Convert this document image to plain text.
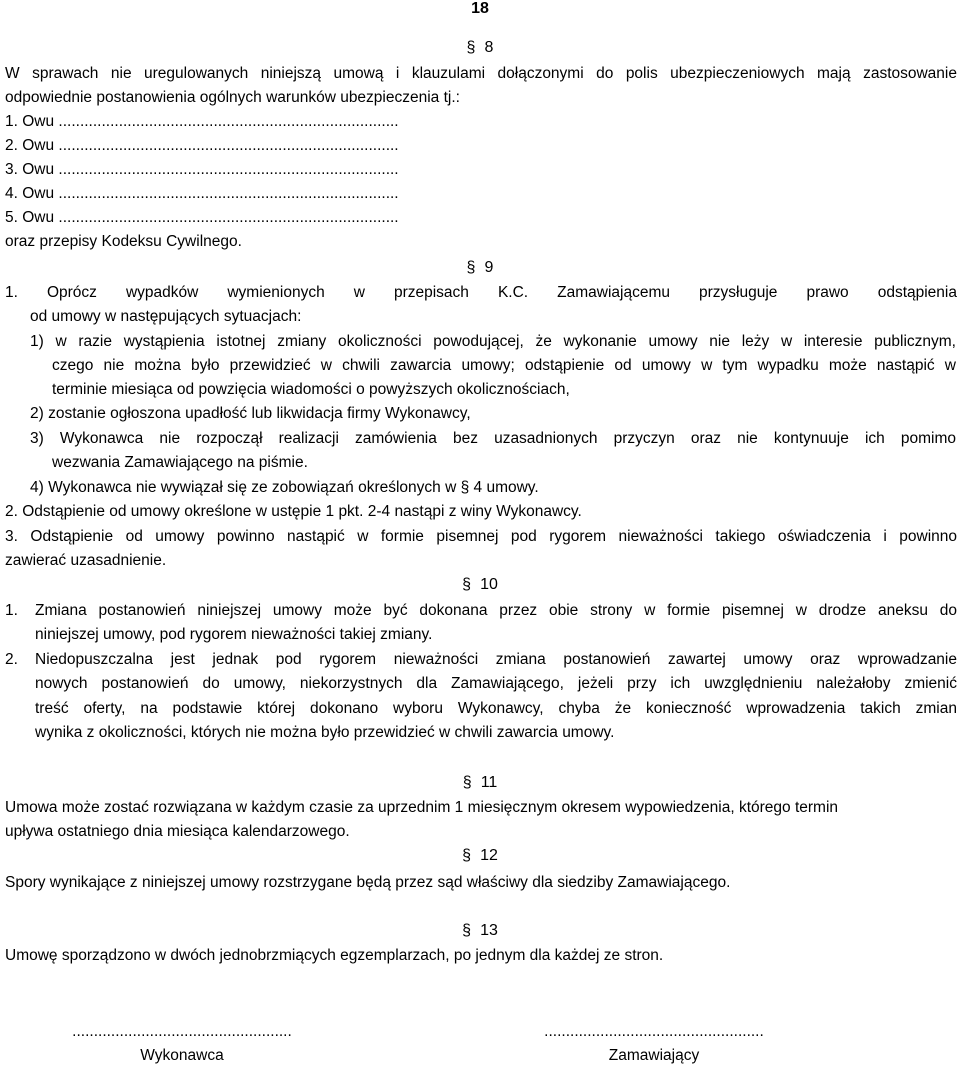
18
§ 8
W sprawach nie uregulowanych niniejszą umową i klauzulami dołączonymi do polis ubezpieczeniowych mają zastosowanie
odpowiednie postanowienia ogólnych warunków ubezpieczenia tj.:
1. Owu ...............................................................................
2. Owu ...............................................................................
3. Owu ...............................................................................
4. Owu ...............................................................................
5. Owu ...............................................................................
oraz przepisy Kodeksu Cywilnego.
§ 9
1. Oprócz wypadków wymienionych w przepisach K.C. Zamawiającemu przysługuje prawo odstąpienia
od umowy w następujących sytuacjach:
1) w razie wystąpienia istotnej zmiany okoliczności powodującej, że wykonanie umowy nie leży w interesie publicznym,
czego nie można było przewidzieć w chwili zawarcia umowy; odstąpienie od umowy w tym wypadku może nastąpić w
terminie miesiąca od powzięcia wiadomości o powyższych okolicznościach,
2) zostanie ogłoszona upadłość lub likwidacja firmy Wykonawcy,
3) Wykonawca nie rozpoczął realizacji zamówienia bez uzasadnionych przyczyn oraz nie kontynuuje ich pomimo
wezwania Zamawiającego na piśmie.
4) Wykonawca nie wywiązał się ze zobowiązań określonych w § 4 umowy.
2. Odstąpienie od umowy określone w ustępie 1 pkt. 2-4 nastąpi z winy Wykonawcy.
3. Odstąpienie od umowy powinno nastąpić w formie pisemnej pod rygorem nieważności takiego oświadczenia i powinno
zawierać uzasadnienie.
§ 10
1.	Zmiana postanowień niniejszej umowy może być dokonana przez obie strony w formie pisemnej w drodze aneksu do
niniejszej umowy, pod rygorem nieważności takiej zmiany.
2.	Niedopuszczalna jest jednak pod rygorem nieważności zmiana postanowień zawartej umowy oraz wprowadzanie
nowych postanowień do umowy, niekorzystnych dla Zamawiającego, jeżeli przy ich uwzględnieniu należałoby zmienić
treść oferty, na podstawie której dokonano wyboru Wykonawcy, chyba że konieczność wprowadzenia takich zmian
wynika z okoliczności, których nie można było przewidzieć w chwili zawarcia umowy.
§ 11
Umowa może zostać rozwiązana w każdym czasie za uprzednim 1 miesięcznym okresem wypowiedzenia, którego termin
upływa ostatniego dnia miesiąca kalendarzowego.
§ 12
Spory wynikające z niniejszej umowy rozstrzygane będą przez sąd właściwy dla siedziby Zamawiającego.
§ 13
Umowę sporządzono w dwóch jednobrzmiących egzemplarzach, po jednym dla każdej ze stron.
...................................................
Wykonawca
...................................................
Zamawiający
